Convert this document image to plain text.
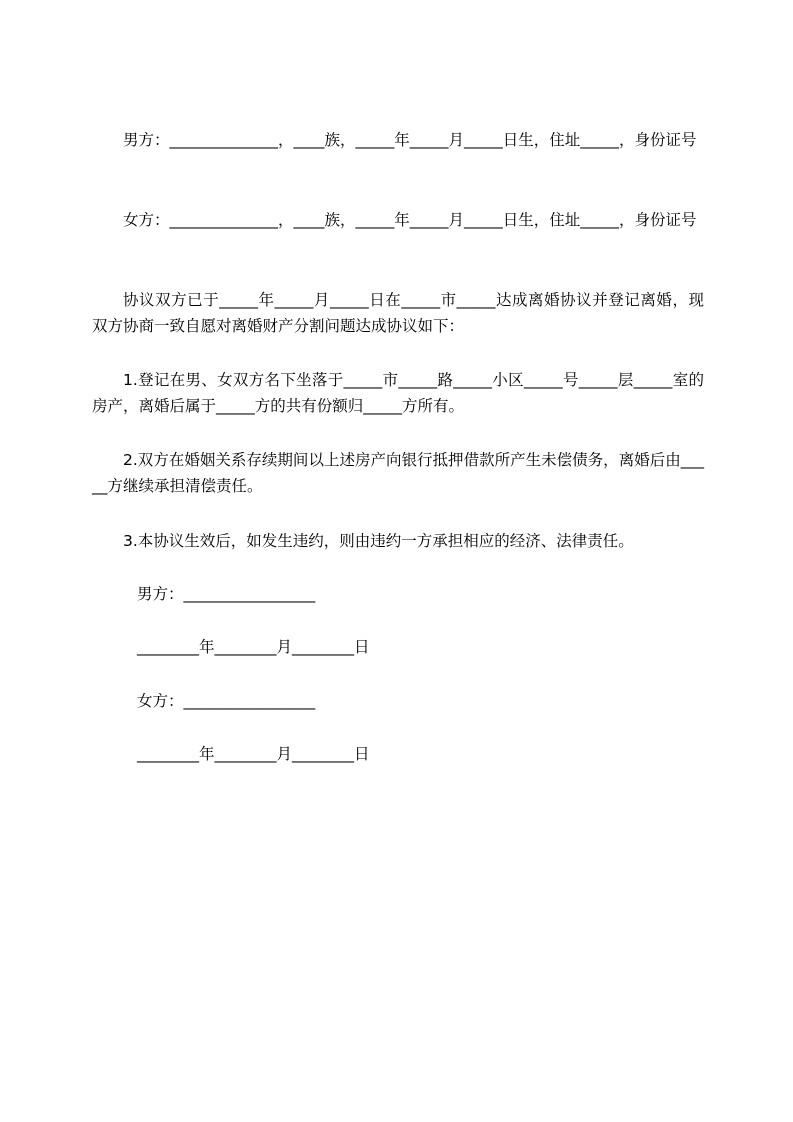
男方：______________，____族，_____年_____月_____日生，住址_____，身份证号

女方：______________，____族，_____年_____月_____日生，住址_____，身份证号

协议双方已于_____年_____月_____日在_____市_____达成离婚协议并登记离婚，现双方协商一致自愿对离婚财产分割问题达成协议如下：

1.登记在男、女双方名下坐落于_____市_____路_____小区_____号_____层_____室的房产，离婚后属于_____方的共有份额归_____方所有。

2.双方在婚姻关系存续期间以上述房产向银行抵押借款所产生未偿债务，离婚后由_____方继续承担清偿责任。

3.本协议生效后，如发生违约，则由违约一方承担相应的经济、法律责任。

男方：_________________

________年________月________日

女方：_________________

________年________月________日
